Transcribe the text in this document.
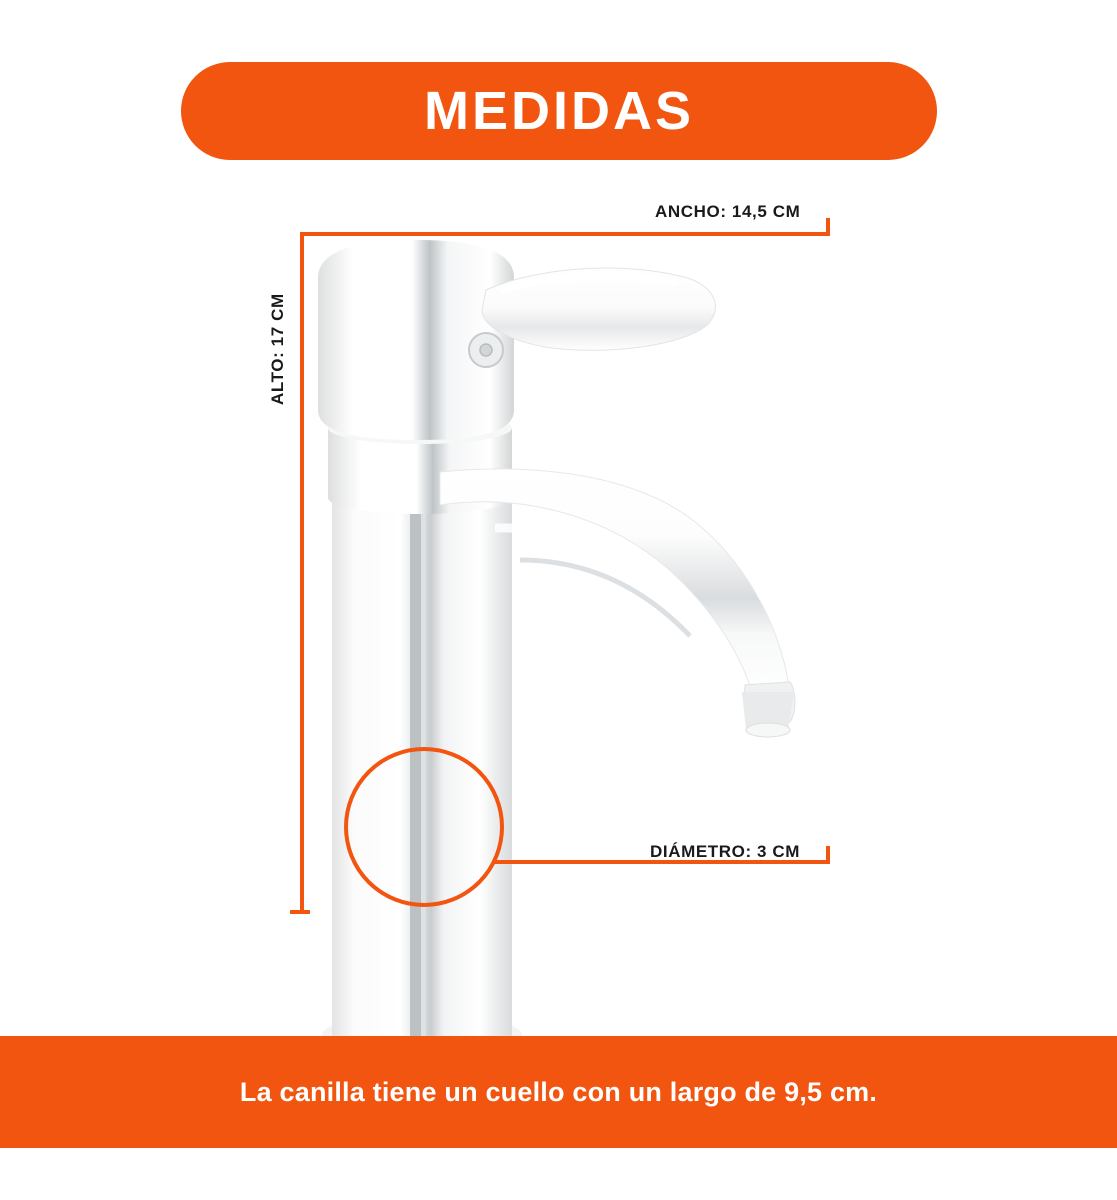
MEDIDAS
ANCHO: 14,5 CM
ALTO: 17 CM
DIÁMETRO: 3 CM
La canilla tiene un cuello con un largo de 9,5 cm.
